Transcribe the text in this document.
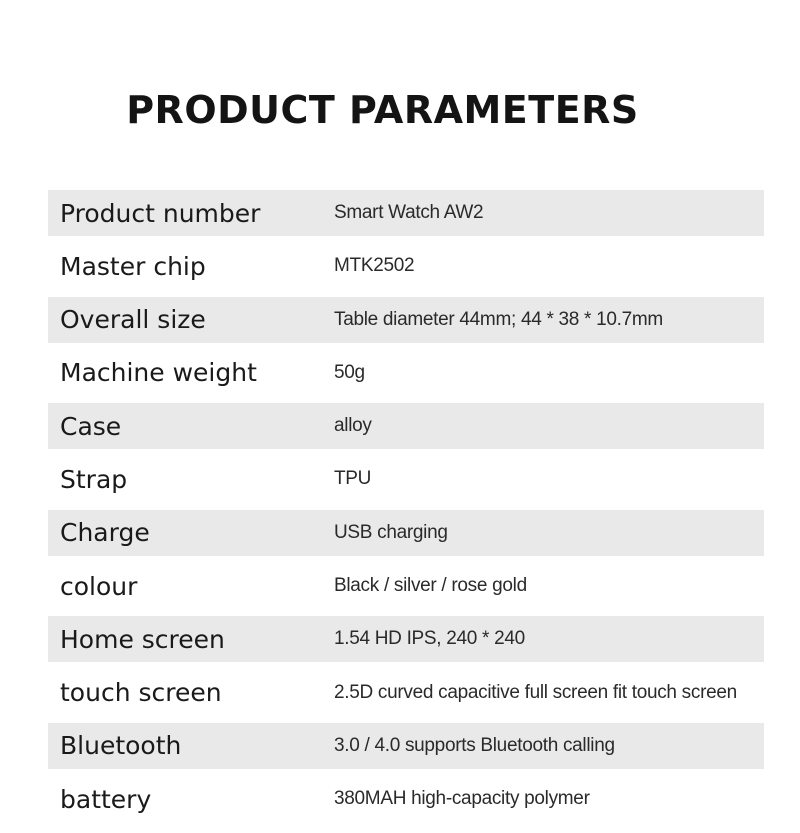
PRODUCT PARAMETERS
Product number	Smart Watch AW2
Master chip	MTK2502
Overall size	Table diameter 44mm; 44 * 38 * 10.7mm
Machine weight	50g
Case	alloy
Strap	TPU
Charge	USB charging
colour	Black / silver / rose gold
Home screen	1.54 HD IPS, 240 * 240
touch screen	2.5D curved capacitive full screen fit touch screen
Bluetooth	3.0 / 4.0 supports Bluetooth calling
battery	380MAH high-capacity polymer
